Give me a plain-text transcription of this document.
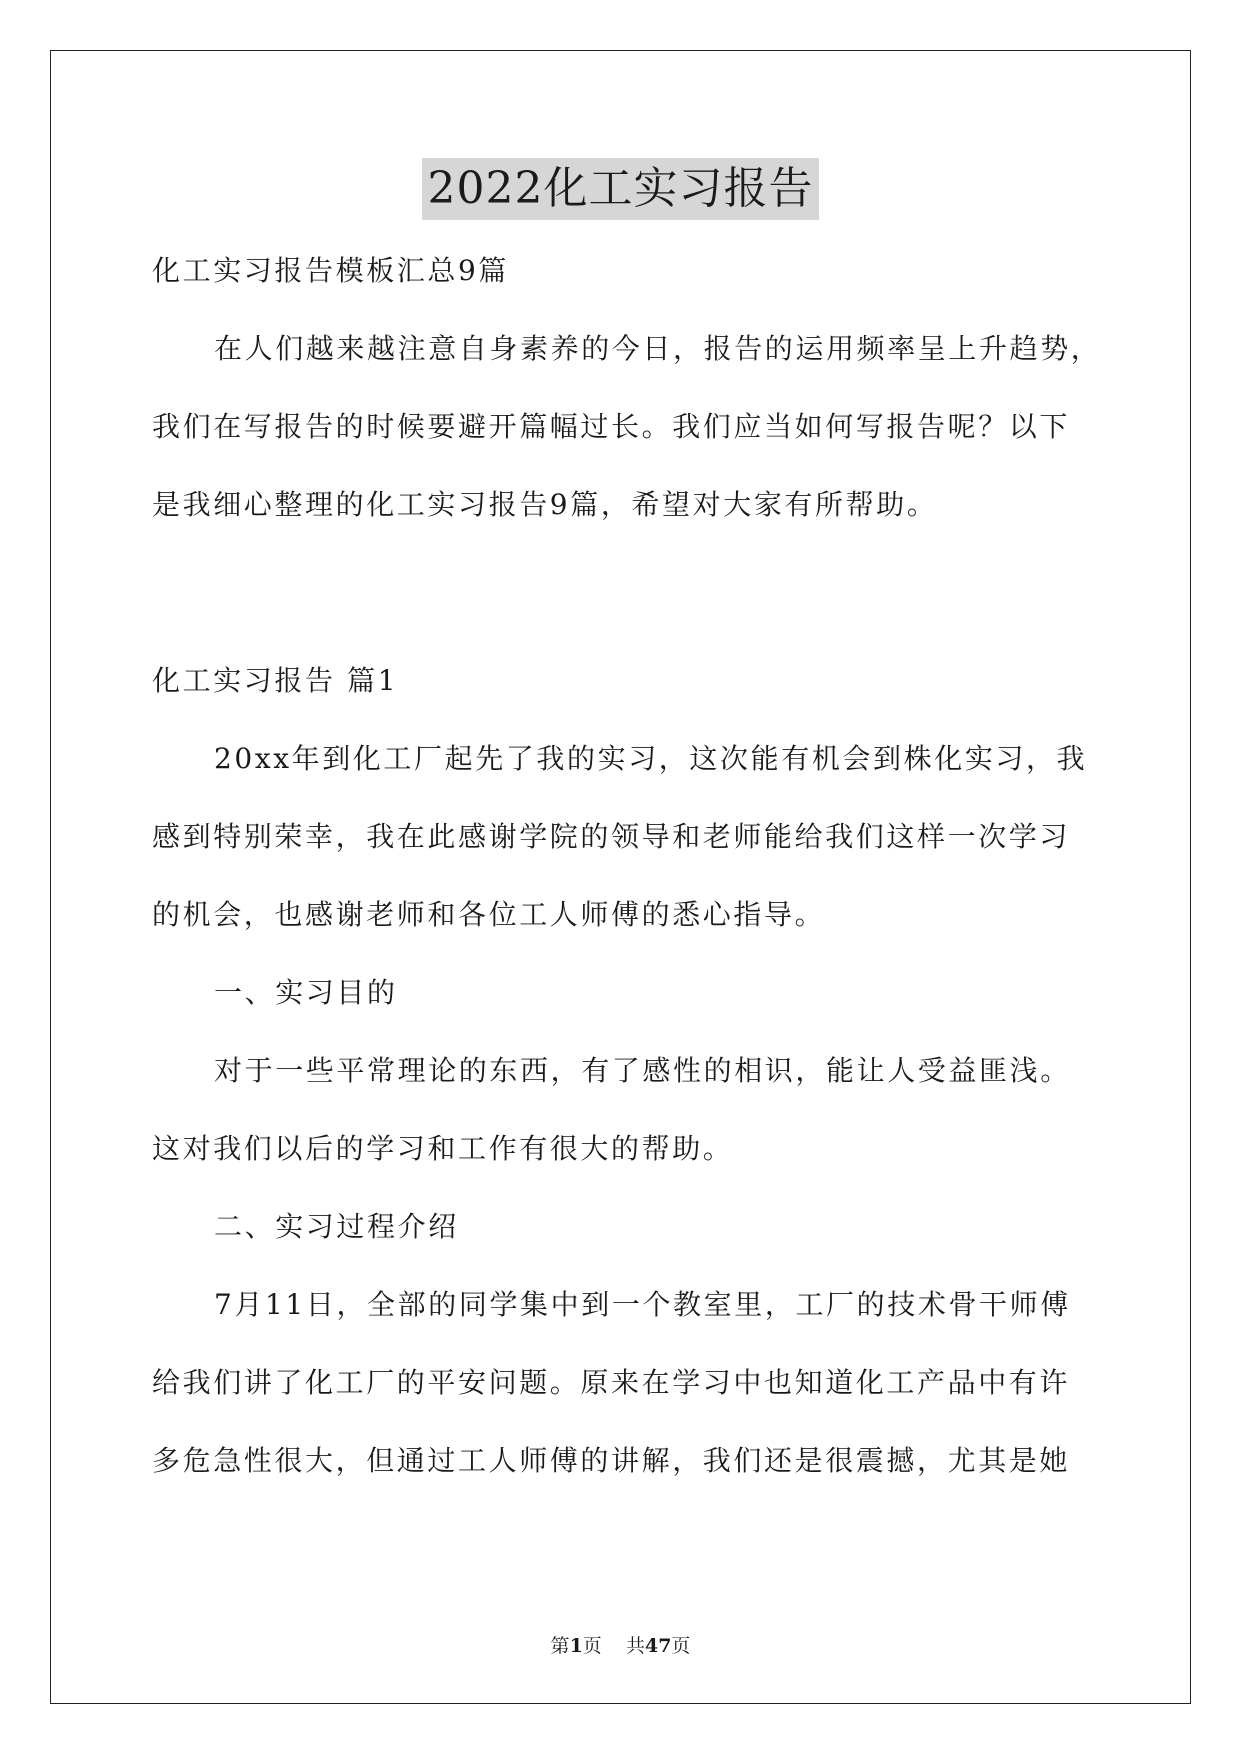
2022化工实习报告

化工实习报告模板汇总9篇

在人们越来越注意自身素养的今日，报告的运用频率呈上升趋势，

我们在写报告的时候要避开篇幅过长。我们应当如何写报告呢？以下

是我细心整理的化工实习报告9篇，希望对大家有所帮助。

化工实习报告 篇1

20xx年到化工厂起先了我的实习，这次能有机会到株化实习，我

感到特别荣幸，我在此感谢学院的领导和老师能给我们这样一次学习

的机会，也感谢老师和各位工人师傅的悉心指导。

一、实习目的

对于一些平常理论的东西，有了感性的相识，能让人受益匪浅。

这对我们以后的学习和工作有很大的帮助。

二、实习过程介绍

7月11日，全部的同学集中到一个教室里，工厂的技术骨干师傅

给我们讲了化工厂的平安问题。原来在学习中也知道化工产品中有许

多危急性很大，但通过工人师傅的讲解，我们还是很震撼，尤其是她

第1页    共47页
